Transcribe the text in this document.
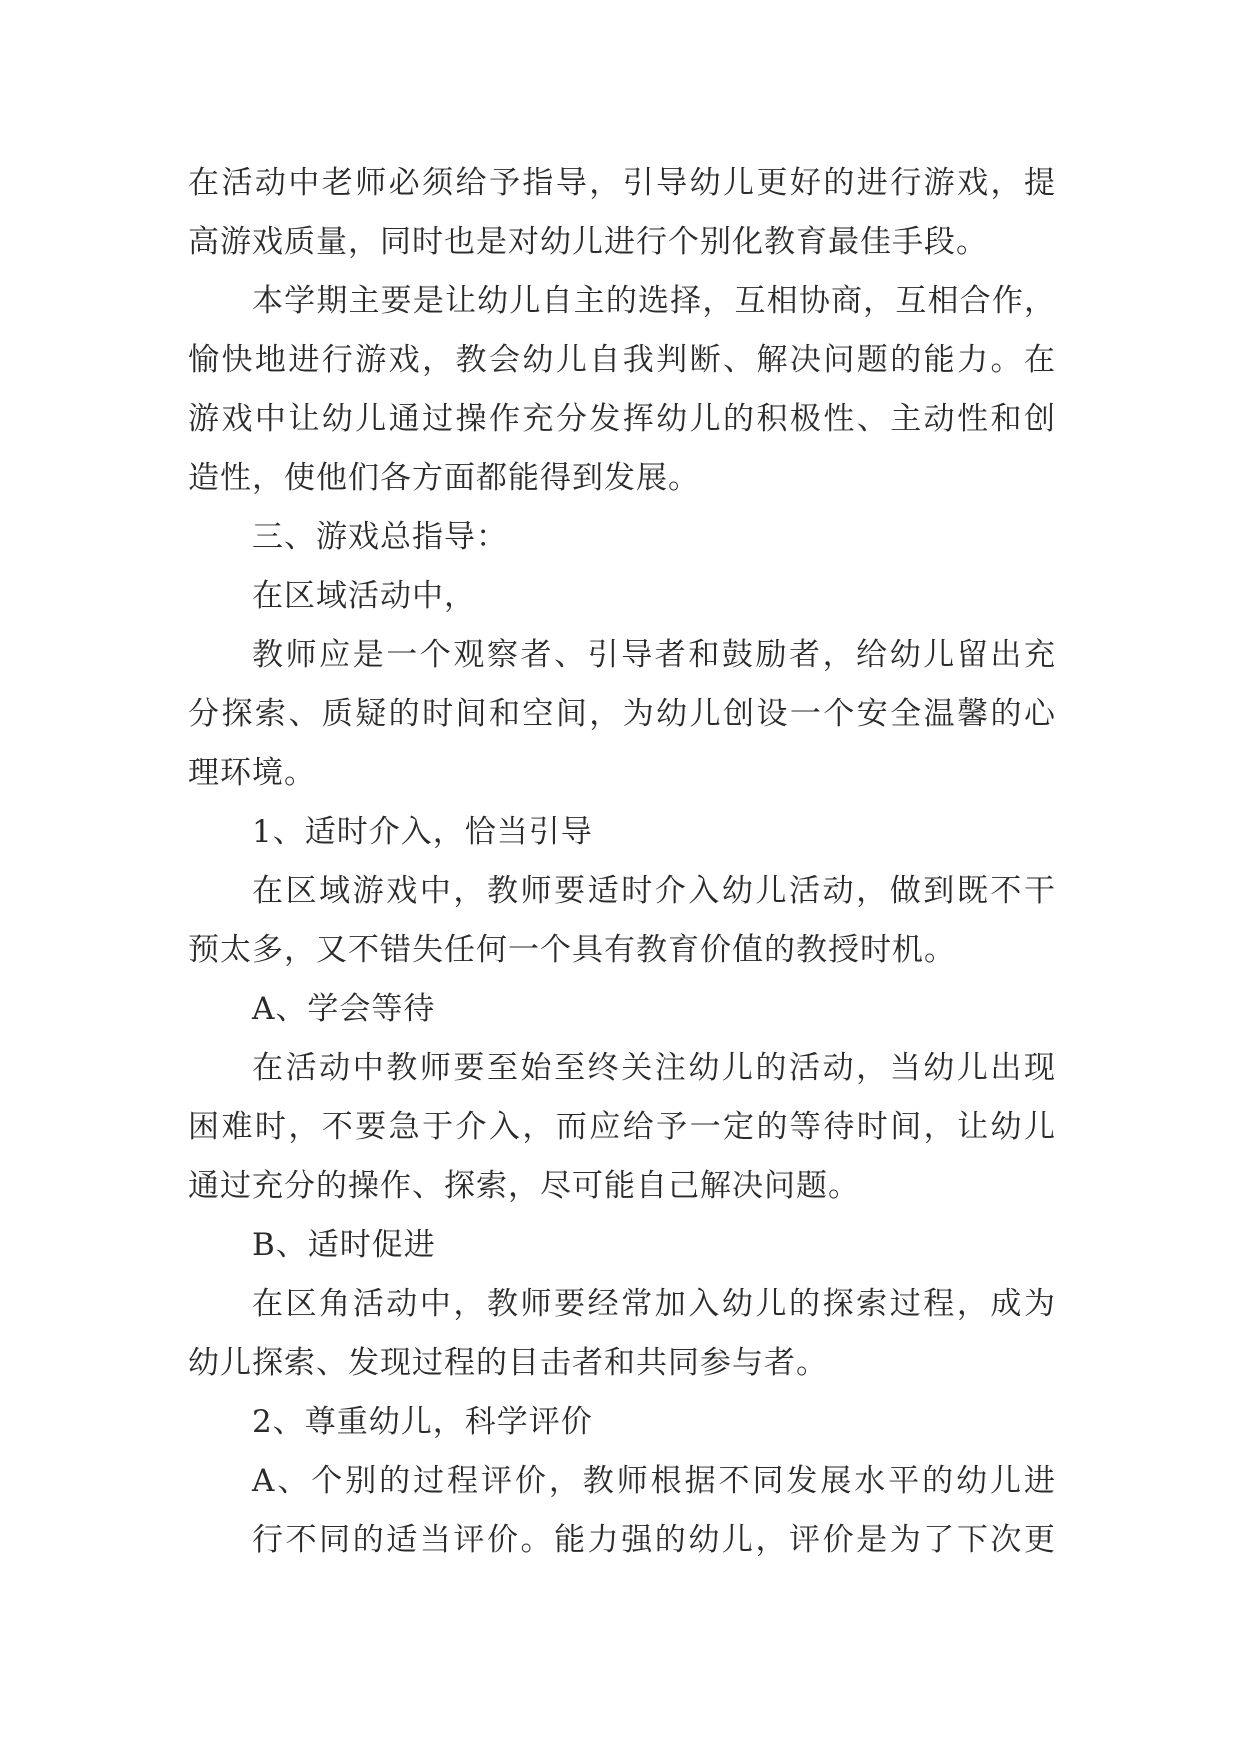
在活动中老师必须给予指导，引导幼儿更好的进行游戏，提
高游戏质量，同时也是对幼儿进行个别化教育最佳手段。
本学期主要是让幼儿自主的选择，互相协商，互相合作，
愉快地进行游戏，教会幼儿自我判断、解决问题的能力。在
游戏中让幼儿通过操作充分发挥幼儿的积极性、主动性和创
造性，使他们各方面都能得到发展。
三、游戏总指导：
在区域活动中，
教师应是一个观察者、引导者和鼓励者，给幼儿留出充
分探索、质疑的时间和空间，为幼儿创设一个安全温馨的心
理环境。
1、适时介入，恰当引导
在区域游戏中，教师要适时介入幼儿活动，做到既不干
预太多，又不错失任何一个具有教育价值的教授时机。
A、学会等待
在活动中教师要至始至终关注幼儿的活动，当幼儿出现
困难时，不要急于介入，而应给予一定的等待时间，让幼儿
通过充分的操作、探索，尽可能自己解决问题。
B、适时促进
在区角活动中，教师要经常加入幼儿的探索过程，成为
幼儿探索、发现过程的目击者和共同参与者。
2、尊重幼儿，科学评价
A、个别的过程评价，教师根据不同发展水平的幼儿进
行不同的适当评价。能力强的幼儿，评价是为了下次更
